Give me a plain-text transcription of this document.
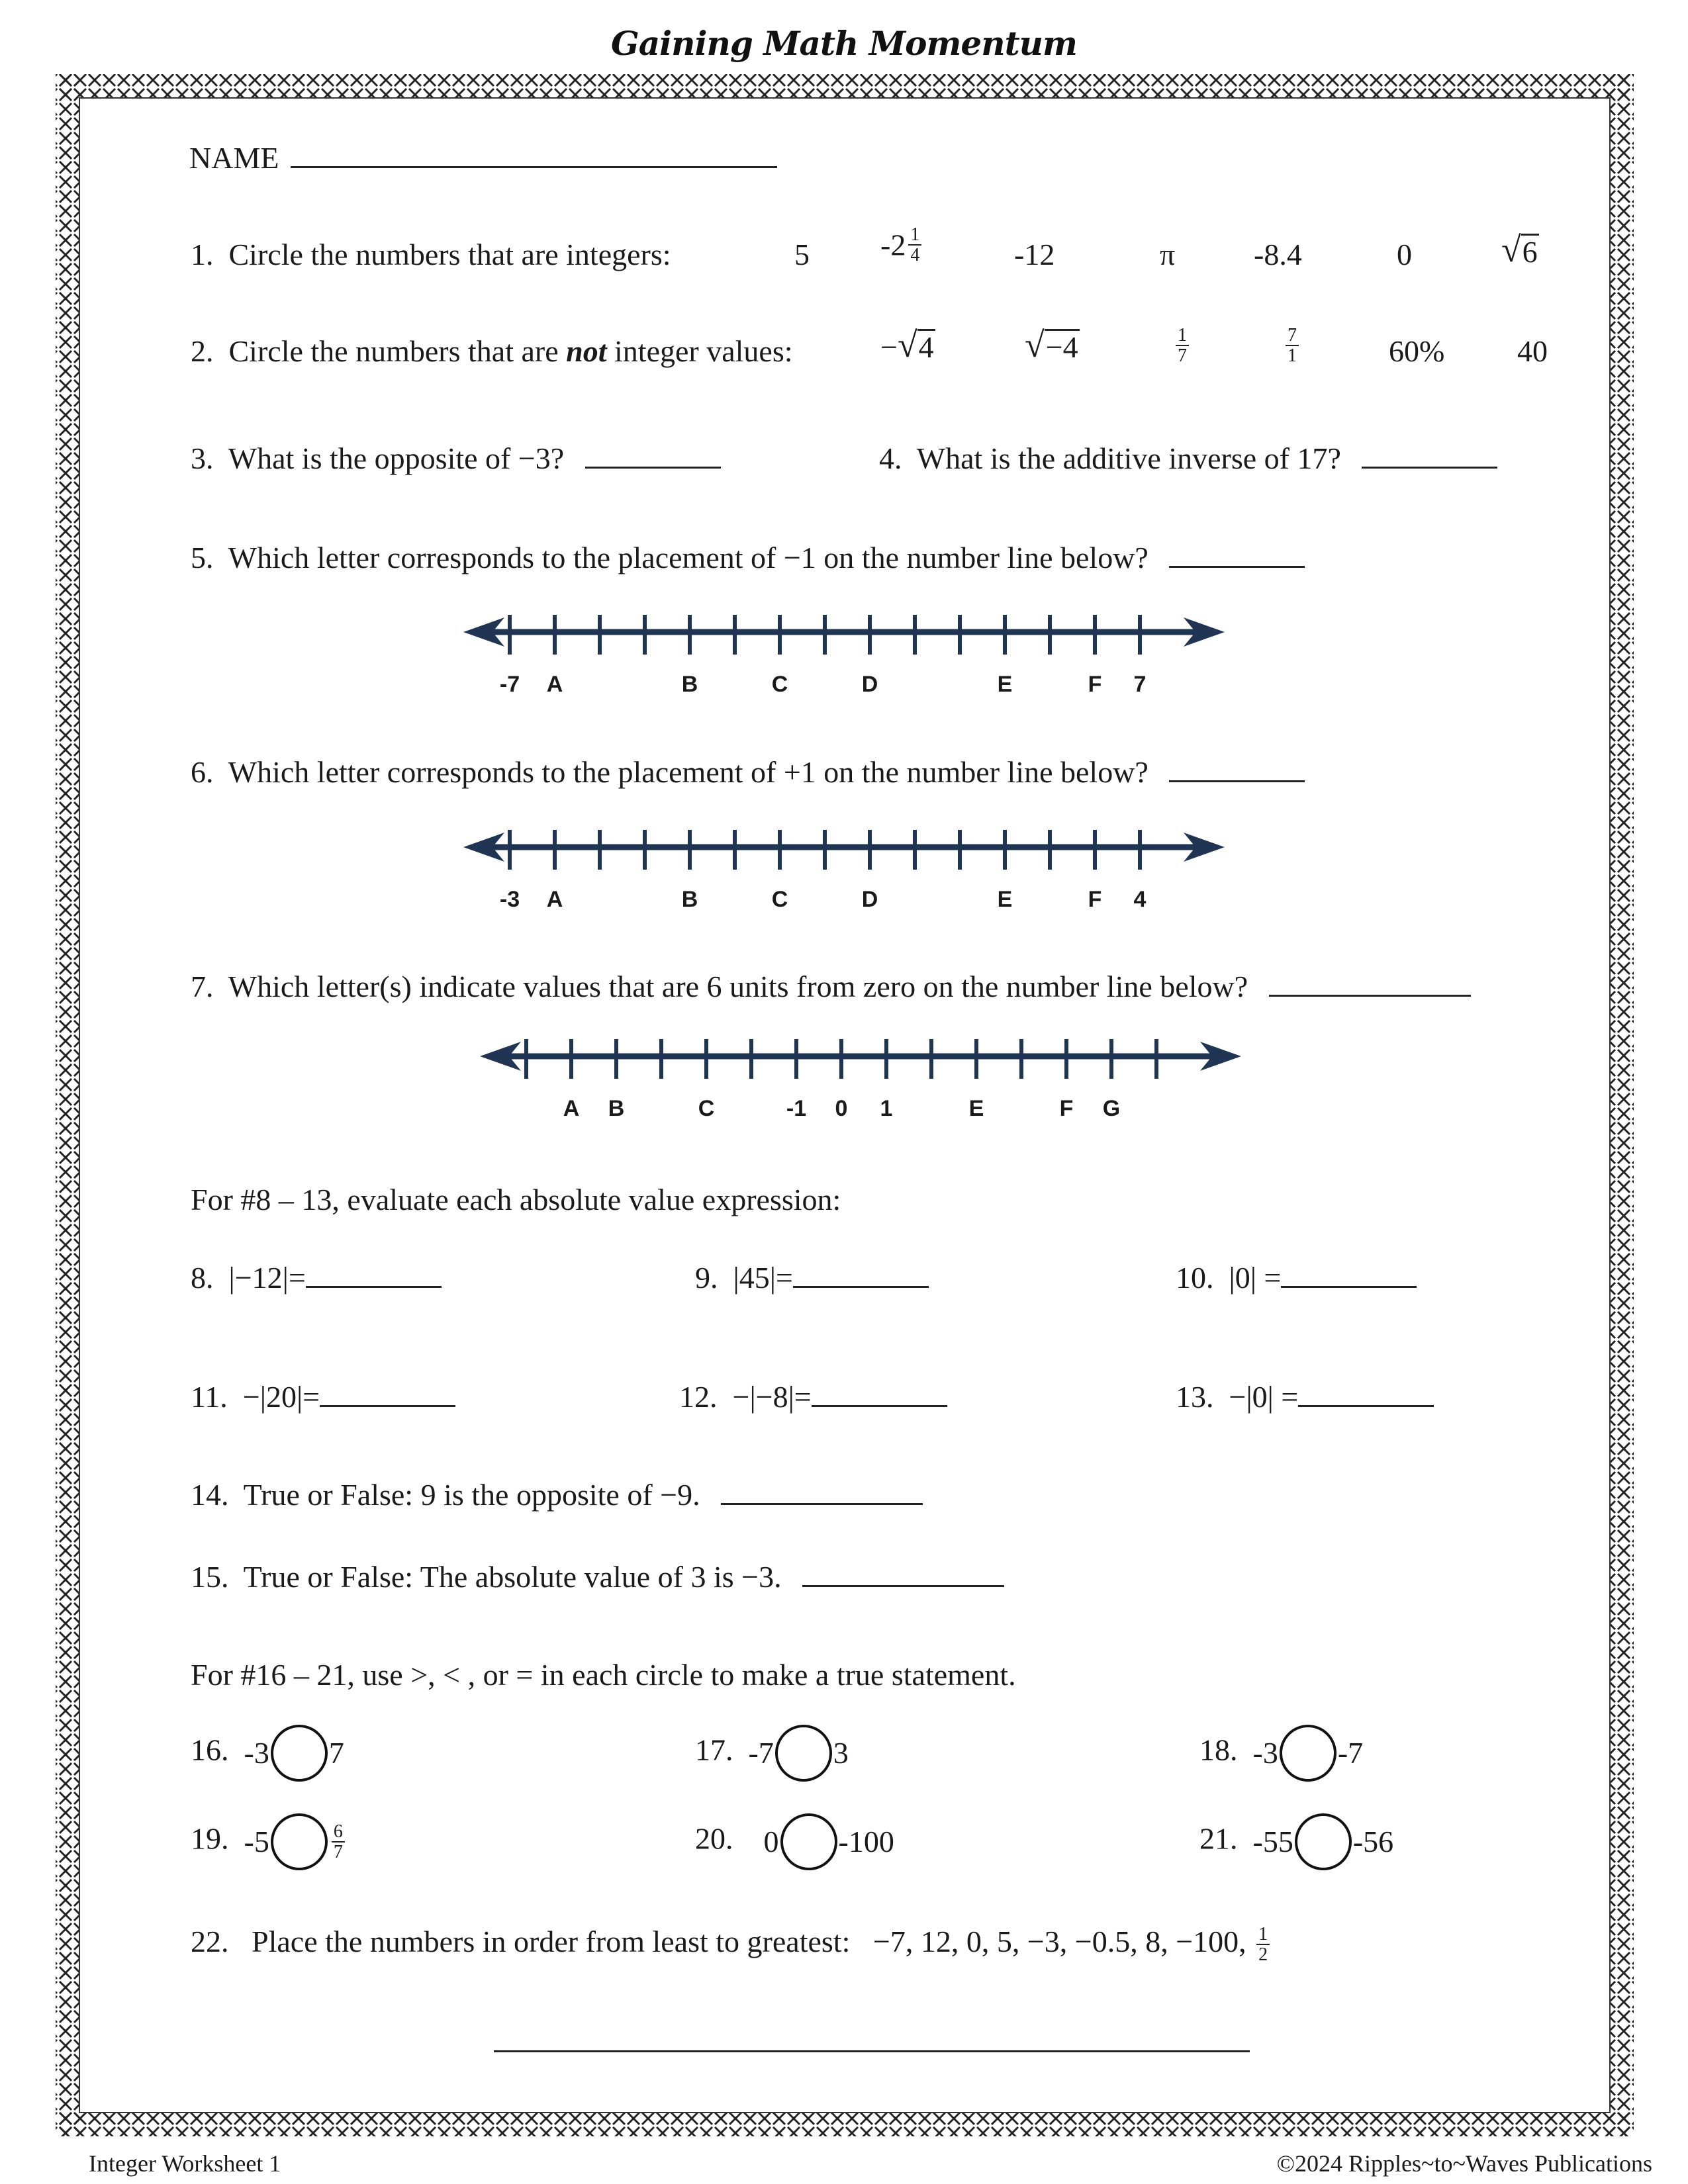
Gaining Math Momentum
NAME
1. Circle the numbers that are integers:	5 $-2 \frac{1}{4}$	-12	π	-8.4	0	√ 6
2. Circle the numbers that are not integer values:	− √ 4	√ −4	$\frac{1}{7}$	$\frac{7}{1}$	60% 40
3. What is the opposite of −3?	4. What is the additive inverse of 17?
5. Which letter corresponds to the placement of −1 on the number line below?
-7 A	B	C	D	E	F 7
6. Which letter corresponds to the placement of +1 on the number line below?
-3 A	B	C	D	E	F 4
7. Which letter(s) indicate values that are 6 units from zero on the number line below?
A B	C	-1 0 1	E	F G
For #8 – 13, evaluate each absolute value expression:
8. |−12|=	9. |45|=	10. |0| =
11. −|20|=	12. −|−8|=	13. −|0| =
14. True or False: 9 is the opposite of −9.
15. True or False: The absolute value of 3 is −3.
For #16 – 21, use >, < , or = in each circle to make a true statement.
16. -3 7	17. -7 3	18. -3 -7
19. -5	$\frac{6}{7}$	20. 0 -100	21. -55 -56
22. Place the numbers in order from least to greatest: −7, 12, 0, 5, −3, −0.5, 8, −100, $\frac{1}{2}$
Integer Worksheet 1	©2024 Ripples~to~Waves Publications
